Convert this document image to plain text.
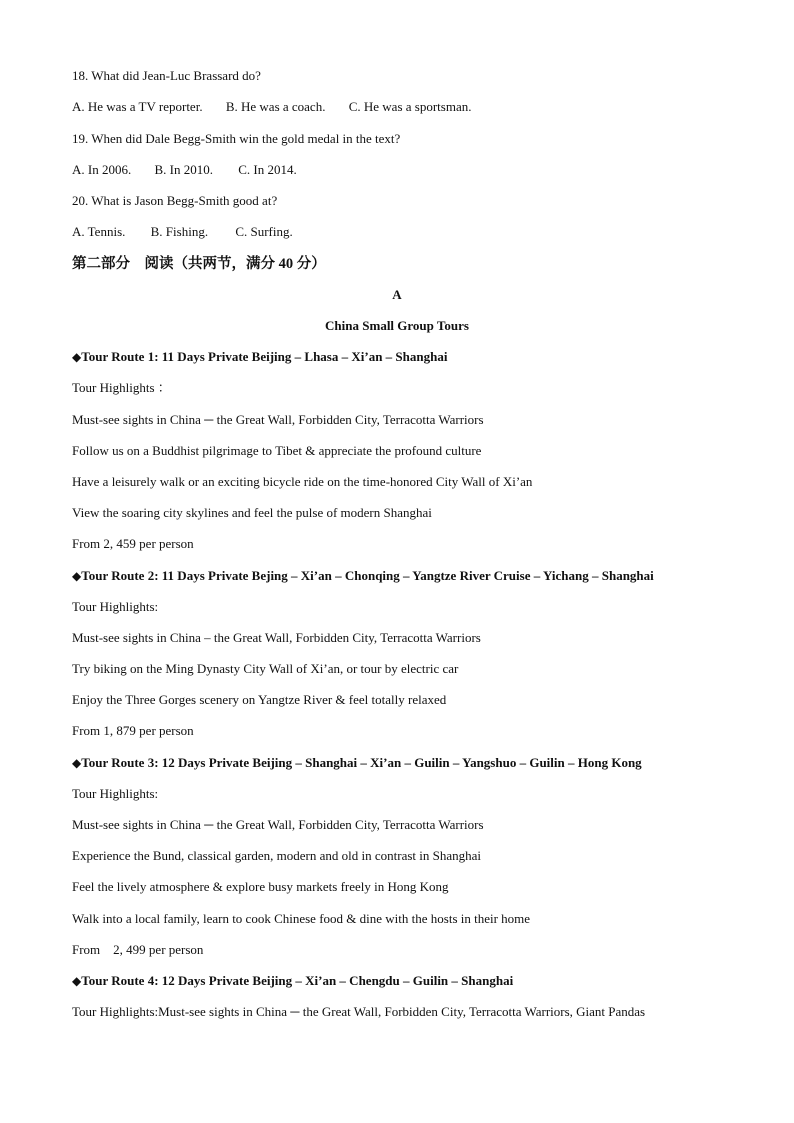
18. What did Jean-Luc Brassard do?
A. He was a TV reporter. B. He was a coach. C. He was a sportsman.
19. When did Dale Begg-Smith win the gold medal in the text?
A. In 2006. B. In 2010. C. In 2014.
20. What is Jason Begg-Smith good at?
A. Tennis. B. Fishing. C. Surfing.
第二部分　阅读（共两节，满分 40 分）
A
China Small Group Tours
◆Tour Route 1: 11 Days Private Beijing – Lhasa – Xi’an – Shanghai
Tour Highlights ：
Must-see sights in China ─ the Great Wall, Forbidden City, Terracotta Warriors
Follow us on a Buddhist pilgrimage to Tibet & appreciate the profound culture
Have a leisurely walk or an exciting bicycle ride on the time-honored City Wall of Xi’an
View the soaring city skylines and feel the pulse of modern Shanghai
From 2, 459 per person
◆Tour Route 2: 11 Days Private Bejing – Xi’an – Chonqing – Yangtze River Cruise – Yichang – Shanghai
Tour Highlights:
Must-see sights in China – the Great Wall, Forbidden City, Terracotta Warriors
Try biking on the Ming Dynasty City Wall of Xi’an, or tour by electric car
Enjoy the Three Gorges scenery on Yangtze River & feel totally relaxed
From 1, 879 per person
◆Tour Route 3: 12 Days Private Beijing – Shanghai – Xi’an – Guilin – Yangshuo – Guilin – Hong Kong
Tour Highlights:
Must-see sights in China ─ the Great Wall, Forbidden City, Terracotta Warriors
Experience the Bund, classical garden, modern and old in contrast in Shanghai
Feel the lively atmosphere & explore busy markets freely in Hong Kong
Walk into a local family, learn to cook Chinese food & dine with the hosts in their home
From　2, 499 per person
◆Tour Route 4: 12 Days Private Beijing – Xi’an – Chengdu – Guilin – Shanghai
Tour Highlights:Must-see sights in China ─ the Great Wall, Forbidden City, Terracotta Warriors, Giant Pandas
